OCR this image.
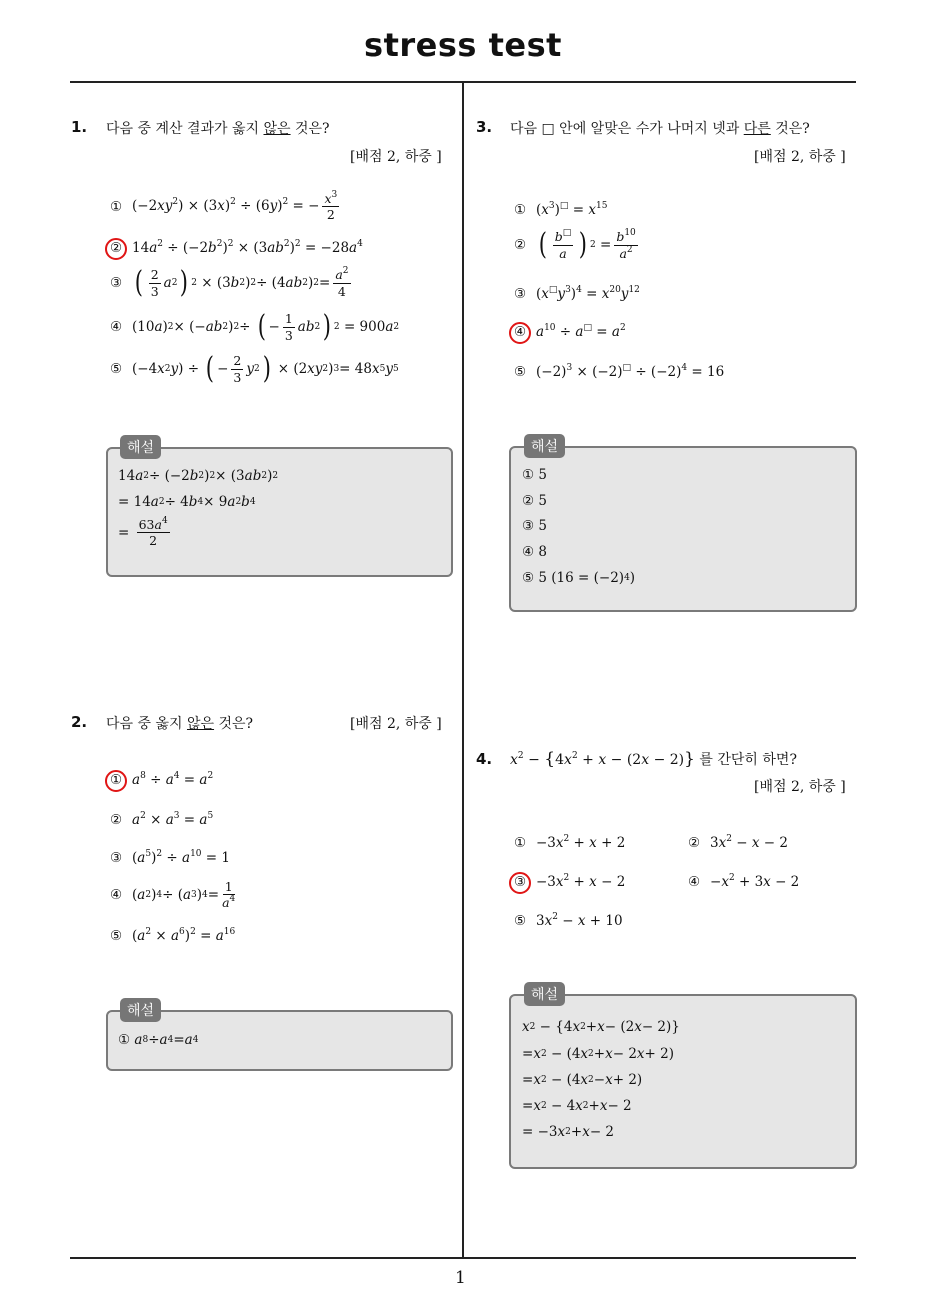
stress test
1
1. 다음 중 계산 결과가 옳지 않은 것은?
[배점 2, 하중 ]
① $(-2xy^2) \times (3x)^2 \div (6y)^2$ = − $\frac{x^3}{2}$
② $14a^2 \div (-2b^2)^2 \times (3ab^2)^2 = -28a^4$
③ ( $\frac{2}{3}$ a 2 ) 2 × (3 b 2 ) 2 ÷ (4 ab 2 ) $2 = \frac{a^2}{4}$
④ (10 a ) 2 × (− ab 2 ) 2 ÷ ( − $\frac{1}{3}$ ab 2 ) 2 = 900 a 2
⑤ (−4 x 2 y ) ÷ ( − $\frac{2}{3}$ y 2 ) × (2 xy 2 ) 3 = 48 x 5 y 5
해설
14 a 2 ÷ (−2 b 2 ) 2 × (3 ab 2 ) 2
= 14 a 2 ÷ 4 b 4 × 9 a 2 b 4
= $\frac{63a^4}{2}$
2. 다음 중 옳지 않은 것은?	[배점 2, 하중 ]
① $a^8 \div a^4 = a^2$
② $a^2 \times a^3 = a^5$
③ $(a^5)^2 \div a^{10} = 1$
④ ( a 2 ) 4 ÷ ( a 3 ) $4 = \frac{1}{a^4}$
⑤ $(a^2 \times a^6)^2 = a^{16}$
해설
① a 8 ÷ a 4 = a 4
3. 다음 □ 안에 알맞은 수가 나머지 넷과 다른 것은?
[배점 2, 하중 ]
① $(x^3)^□ = x^{15}$
② ( $\frac{b^□}{a}$ ) $2 = \frac{b^{10}}{a^2}$
③ $(x^□y^3)^4 = x^{20}y^{12}$
④ $a^{10} \div a^□ = a^2$
⑤ $(-2)^3 \times (-2)^□ \div (-2)^4 = 16$
해설
① 5
② 5
③ 5
④ 8
⑤ 5 (16 = (−2) 4 )
4. $x^2 - \{4x^2 + x - (2x - 2)\}$ 를 간단히 하면?
[배점 2, 하중 ]
① $-3x^2 + x + 2$	② $3x^2 - x - 2$
③ $-3x^2 + x - 2$	④ $-x^2 + 3x - 2$
⑤ $3x^2 - x + 10$
해설
x 2 − {4 x 2 + x − (2 x − 2)}
= x 2 − (4 x 2 + x − 2 x + 2)
= x 2 − (4 x 2 − x + 2)
= x 2 − 4 x 2 + x − 2
= −3 x 2 + x − 2
